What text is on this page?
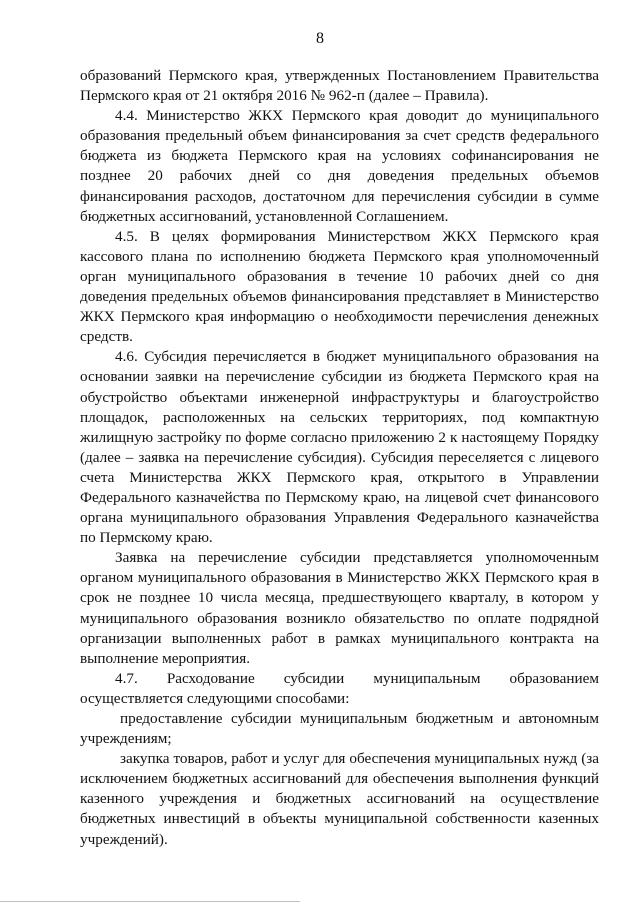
8

образований Пермского края, утвержденных Постановлением Правительства Пермского края от 21 октября 2016 № 962-п (далее – Правила).

4.4. Министерство ЖКХ Пермского края доводит до муниципального образования предельный объем финансирования за счет средств федерального бюджета из бюджета Пермского края на условиях софинансирования не позднее 20 рабочих дней со дня доведения предельных объемов финансирования расходов, достаточном для перечисления субсидии в сумме бюджетных ассигнований, установленной Соглашением.

4.5. В целях формирования Министерством ЖКХ Пермского края кассового плана по исполнению бюджета Пермского края уполномоченный орган муниципального образования в течение 10 рабочих дней со дня доведения предельных объемов финансирования представляет в Министерство ЖКХ Пермского края информацию о необходимости перечисления денежных средств.

4.6. Субсидия перечисляется в бюджет муниципального образования на основании заявки на перечисление субсидии из бюджета Пермского края на обустройство объектами инженерной инфраструктуры и благоустройство площадок, расположенных на сельских территориях, под компактную жилищную застройку по форме согласно приложению 2 к настоящему Порядку (далее – заявка на перечисление субсидия). Субсидия переселяется с лицевого счета Министерства ЖКХ Пермского края, открытого в Управлении Федерального казначейства по Пермскому краю, на лицевой счет финансового органа муниципального образования Управления Федерального казначейства по Пермскому краю.

Заявка на перечисление субсидии представляется уполномоченным органом муниципального образования в Министерство ЖКХ Пермского края в срок не позднее 10 числа месяца, предшествующего кварталу, в котором у муниципального образования возникло обязательство по оплате подрядной организации выполненных работ в рамках муниципального контракта на выполнение мероприятия.

4.7. Расходование субсидии муниципальным образованием осуществляется следующими способами:

предоставление субсидии муниципальным бюджетным и автономным учреждениям;

закупка товаров, работ и услуг для обеспечения муниципальных нужд (за исключением бюджетных ассигнований для обеспечения выполнения функций казенного учреждения и бюджетных ассигнований на осуществление бюджетных инвестиций в объекты муниципальной собственности казенных учреждений).
